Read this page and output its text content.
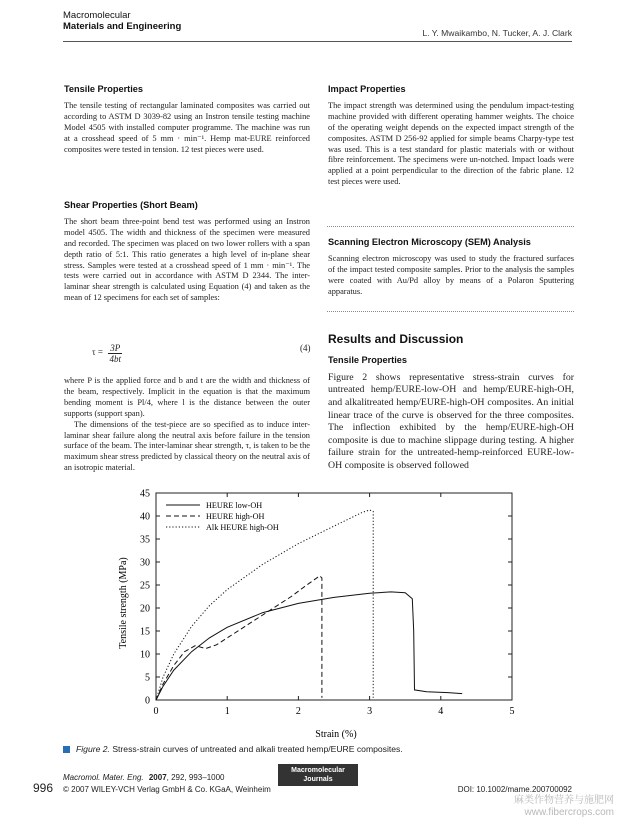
Macromolecular
Materials and Engineering
L. Y. Mwaikambo, N. Tucker, A. J. Clark
Tensile Properties

The tensile testing of rectangular laminated composites was carried out according to ASTM D 3039-82 using an Instron tensile testing machine Model 4505 with installed computer programme. The machine was run at a crosshead speed of 5 mm · min⁻¹. Hemp mat-EURE reinforced composites were tested in tension. 12 test pieces were used.

Shear Properties (Short Beam)

The short beam three-point bend test was performed using an Instron model 4505. The width and thickness of the specimen were measured and recorded. The specimen was placed on two lower rollers with a span depth ratio of 5:1. This ratio generates a high level of in-plane shear stress. Samples were tested at a crosshead speed of 1 mm · min⁻¹. The tests were carried out in accordance with ASTM D 2344. The inter-laminar shear strength is calculated using Equation (4) and taken as the mean of 12 specimens for each set of samples:

$\tau = \frac{3P}{4bt}$	(4)

where P is the applied force and b and t are the width and thickness of the beam, respectively. Implicit in the equation is that the maximum bending moment is Pl/4, where l is the distance between the outer supports (support span).

The dimensions of the test-piece are so specified as to induce inter-laminar shear failure along the neutral axis before failure in the tension surface of the beam. The inter-laminar shear strength, τ, is taken to be the maximum shear stress predicted by classical theory on the neutral axis of an isotropic material.

Impact Properties

The impact strength was determined using the pendulum impact-testing machine provided with different operating hammer weights. The choice of the operating weight depends on the expected impact strength of the composites. ASTM D 256-92 applied for simple beams Charpy-type test was used. This is a test standard for plastic materials with or without fibre reinforcement. The specimens were un-notched. Impact loads were applied at a point perpendicular to the direction of the fabric plane. 12 test pieces were used.

Scanning Electron Microscopy (SEM) Analysis

Scanning electron microscopy was used to study the fractured surfaces of the impact tested composite samples. Prior to the analysis the samples were coated with Au/Pd alloy by means of a Polaron Sputtering apparatus.

Results and Discussion
Tensile Properties

Figure 2 shows representative stress-strain curves for untreated hemp/EURE-low-OH and hemp/EURE-high-OH, and alkalitreated hemp/EURE-high-OH composites. An initial linear trace of the curve is observed for the three composites. The inflection exhibited by the hemp/EURE-high-OH composite is due to machine slippage during testing. A higher failure strain for the untreated-hemp-reinforced EURE-low-OH composite is observed followed

0
5
10
15
20
25
30
35
40
45
0	1	2	3	4	5
HEURE low-OH
HEURE high-OH
Alk HEURE high-OH
Strain (%)
Tensile strength (MPa)
Figure 2. Stress-strain curves of untreated and alkali treated hemp/EURE composites.
996
Macromol. Mater. Eng. 2007, 292, 993–1000
© 2007 WILEY-VCH Verlag GmbH & Co. KGaA, Weinheim
Macromolecular Journals
DOI: 10.1002/mame.200700092
麻类作物营养与施肥网
www.fibercrops.com
